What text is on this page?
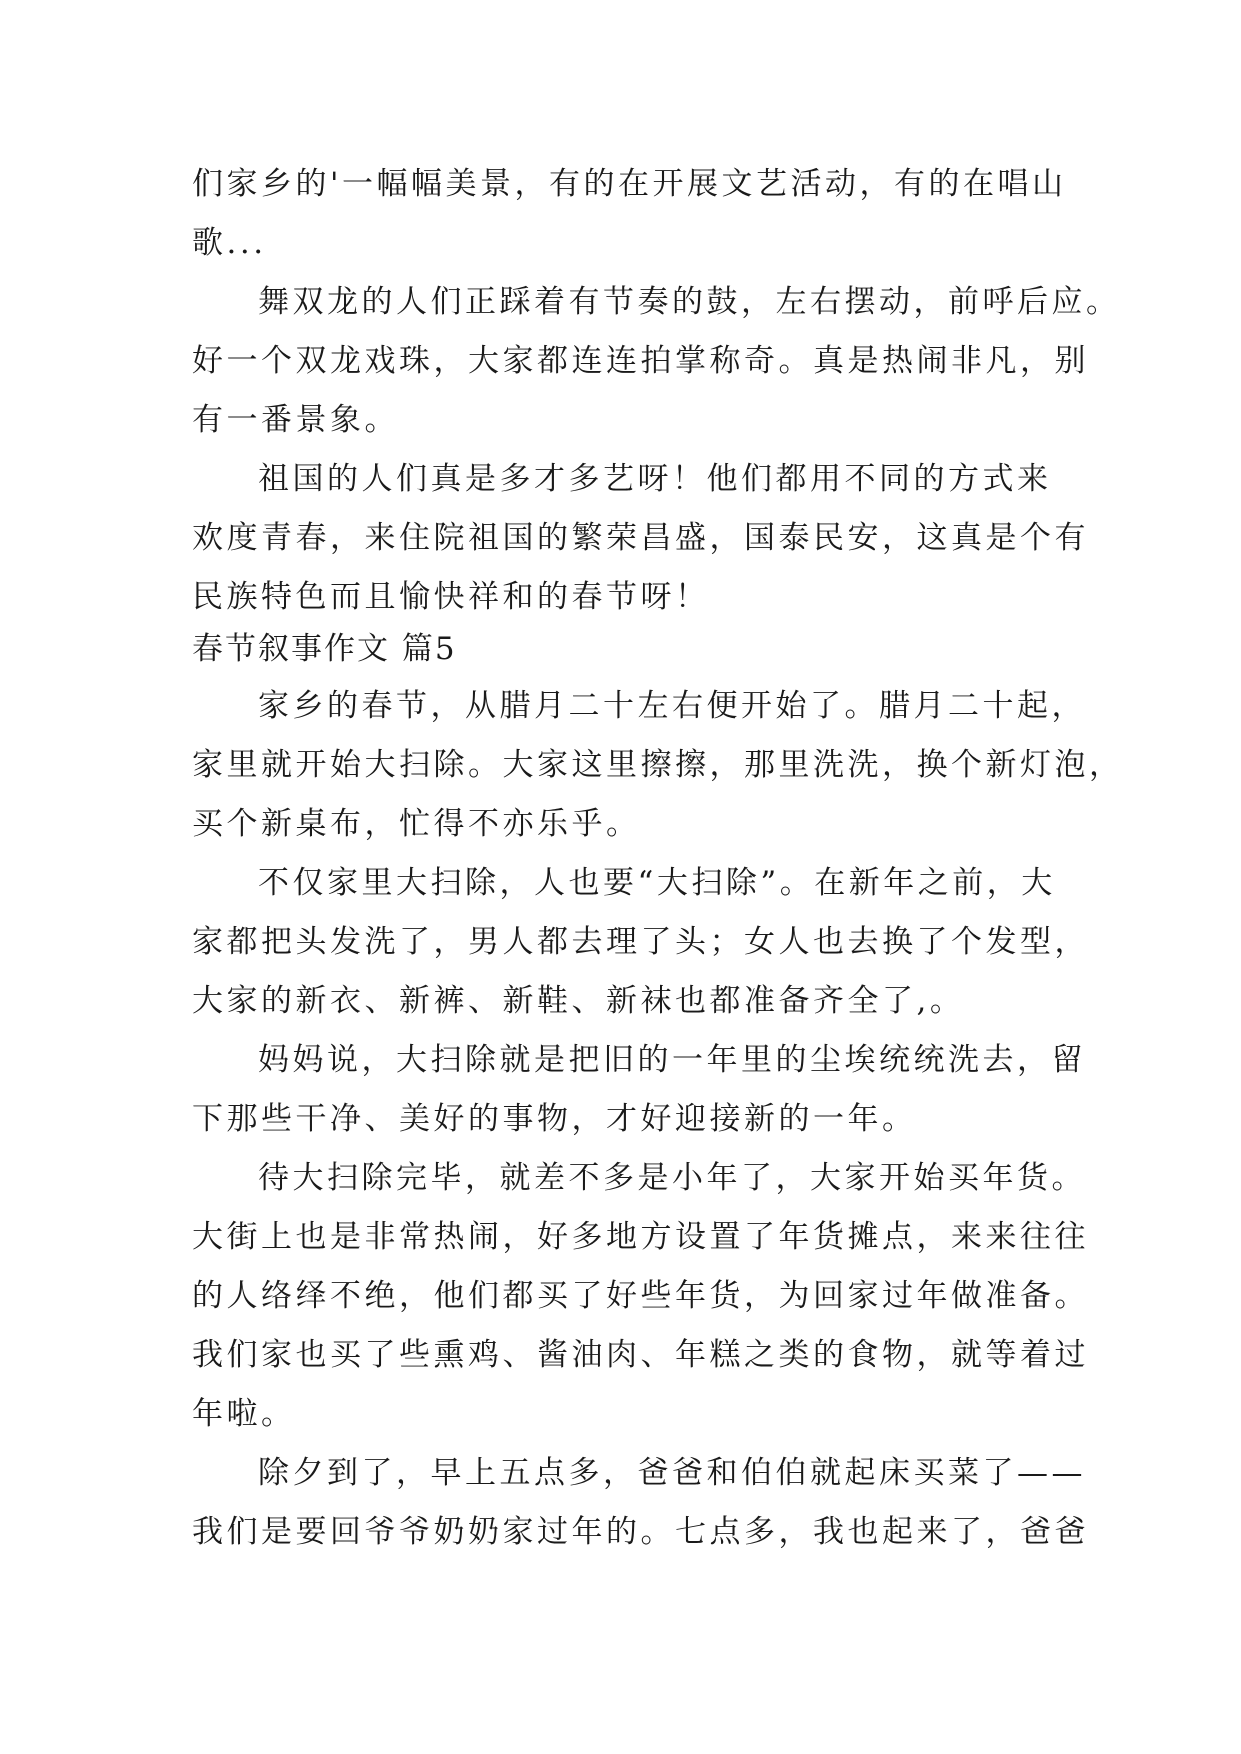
们家乡的'一幅幅美景，有的在开展文艺活动，有的在唱山
歌...
舞双龙的人们正踩着有节奏的鼓，左右摆动，前呼后应。
好一个双龙戏珠，大家都连连拍掌称奇。真是热闹非凡，别
有一番景象。
祖国的人们真是多才多艺呀！他们都用不同的方式来
欢度青春，来住院祖国的繁荣昌盛，国泰民安，这真是个有
民族特色而且愉快祥和的春节呀！
春节叙事作文 篇5
家乡的春节，从腊月二十左右便开始了。腊月二十起，
家里就开始大扫除。大家这里擦擦，那里洗洗，换个新灯泡，
买个新桌布，忙得不亦乐乎。
不仅家里大扫除，人也要“大扫除”。在新年之前，大
家都把头发洗了，男人都去理了头；女人也去换了个发型，
大家的新衣、新裤、新鞋、新袜也都准备齐全了,。
妈妈说，大扫除就是把旧的一年里的尘埃统统洗去，留
下那些干净、美好的事物，才好迎接新的一年。
待大扫除完毕，就差不多是小年了，大家开始买年货。
大街上也是非常热闹，好多地方设置了年货摊点，来来往往
的人络绎不绝，他们都买了好些年货，为回家过年做准备。
我们家也买了些熏鸡、酱油肉、年糕之类的食物，就等着过
年啦。
除夕到了，早上五点多，爸爸和伯伯就起床买菜了——
我们是要回爷爷奶奶家过年的。七点多，我也起来了，爸爸
